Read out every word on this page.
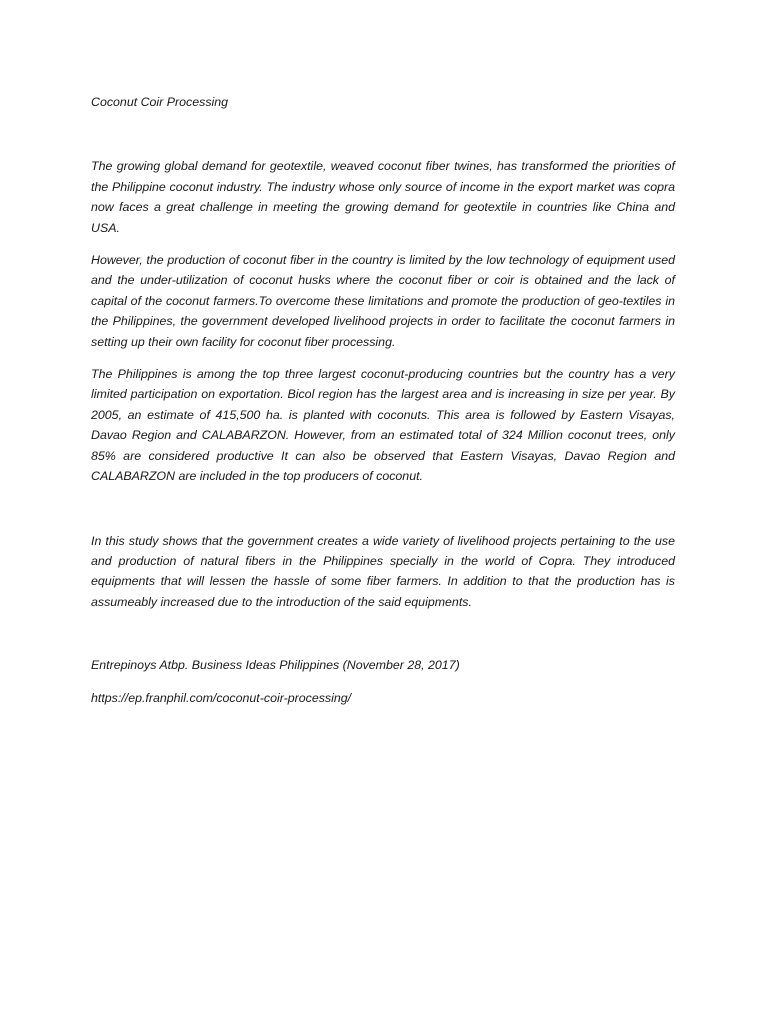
Coconut Coir Processing

The growing global demand for geotextile, weaved coconut fiber twines, has transformed the priorities of the Philippine coconut industry. The industry whose only source of income in the export market was copra now faces a great challenge in meeting the growing demand for geotextile in countries like China and USA.

However, the production of coconut fiber in the country is limited by the low technology of equipment used and the under-utilization of coconut husks where the coconut fiber or coir is obtained and the lack of capital of the coconut farmers.To overcome these limitations and promote the production of geo-textiles in the Philippines, the government developed livelihood projects in order to facilitate the coconut farmers in setting up their own facility for coconut fiber processing.

The Philippines is among the top three largest coconut-producing countries but the country has a very limited participation on exportation. Bicol region has the largest area and is increasing in size per year. By 2005, an estimate of 415,500 ha. is planted with coconuts. This area is followed by Eastern Visayas, Davao Region and CALABARZON. However, from an estimated total of 324 Million coconut trees, only 85% are considered productive It can also be observed that Eastern Visayas, Davao Region and CALABARZON are included in the top producers of coconut.

In this study shows that the government creates a wide variety of livelihood projects pertaining to the use and production of natural fibers in the Philippines specially in the world of Copra. They introduced equipments that will lessen the hassle of some fiber farmers. In addition to that the production has is assumeably increased due to the introduction of the said equipments.

Entrepinoys Atbp. Business Ideas Philippines (November 28, 2017)

https://ep.franphil.com/coconut-coir-processing/
